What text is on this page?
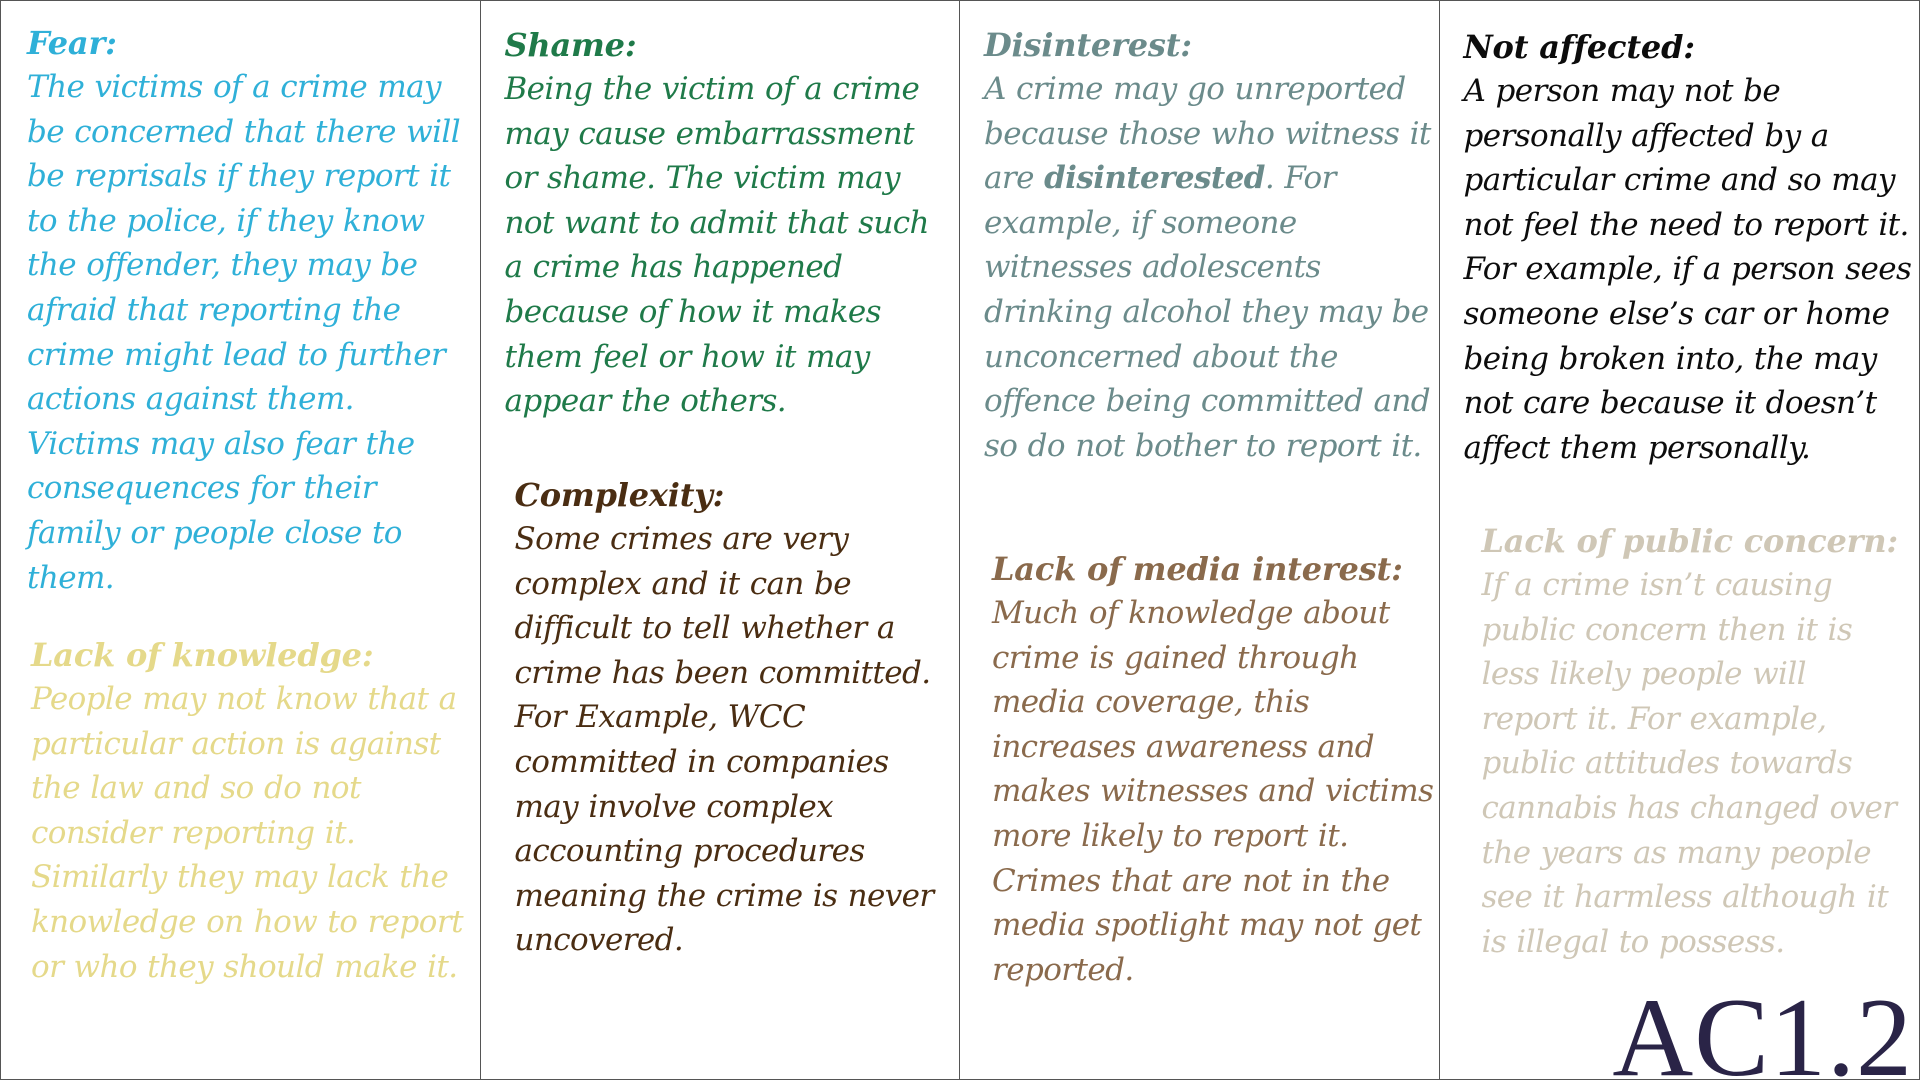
Fear:
The victims of a crime may be concerned that there will be reprisals if they report it to the police, if they know the offender, they may be afraid that reporting the crime might lead to further actions against them. Victims may also fear the consequences for their family or people close to them.
Lack of knowledge:
People may not know that a particular action is against the law and so do not consider reporting it. Similarly they may lack the knowledge on how to report or who they should make it.
Shame:
Being the victim of a crime may cause embarrassment or shame. The victim may not want to admit that such a crime has happened because of how it makes them feel or how it may appear the others.
Complexity:
Some crimes are very complex and it can be difficult to tell whether a crime has been committed. For Example, WCC committed in companies may involve complex accounting procedures meaning the crime is never uncovered.
Disinterest:
A crime may go unreported because those who witness it are disinterested. For example, if someone witnesses adolescents drinking alcohol they may be unconcerned about the offence being committed and so do not bother to report it.
Lack of media interest:
Much of knowledge about crime is gained through media coverage, this increases awareness and makes witnesses and victims more likely to report it. Crimes that are not in the media spotlight may not get reported.
Not affected:
A person may not be personally affected by a particular crime and so may not feel the need to report it. For example, if a person sees someone else’s car or home being broken into, the may not care because it doesn’t affect them personally.
Lack of public concern:
If a crime isn’t causing public concern then it is less likely people will report it. For example, public attitudes towards cannabis has changed over the years as many people see it harmless although it is illegal to possess.
AC1.2
